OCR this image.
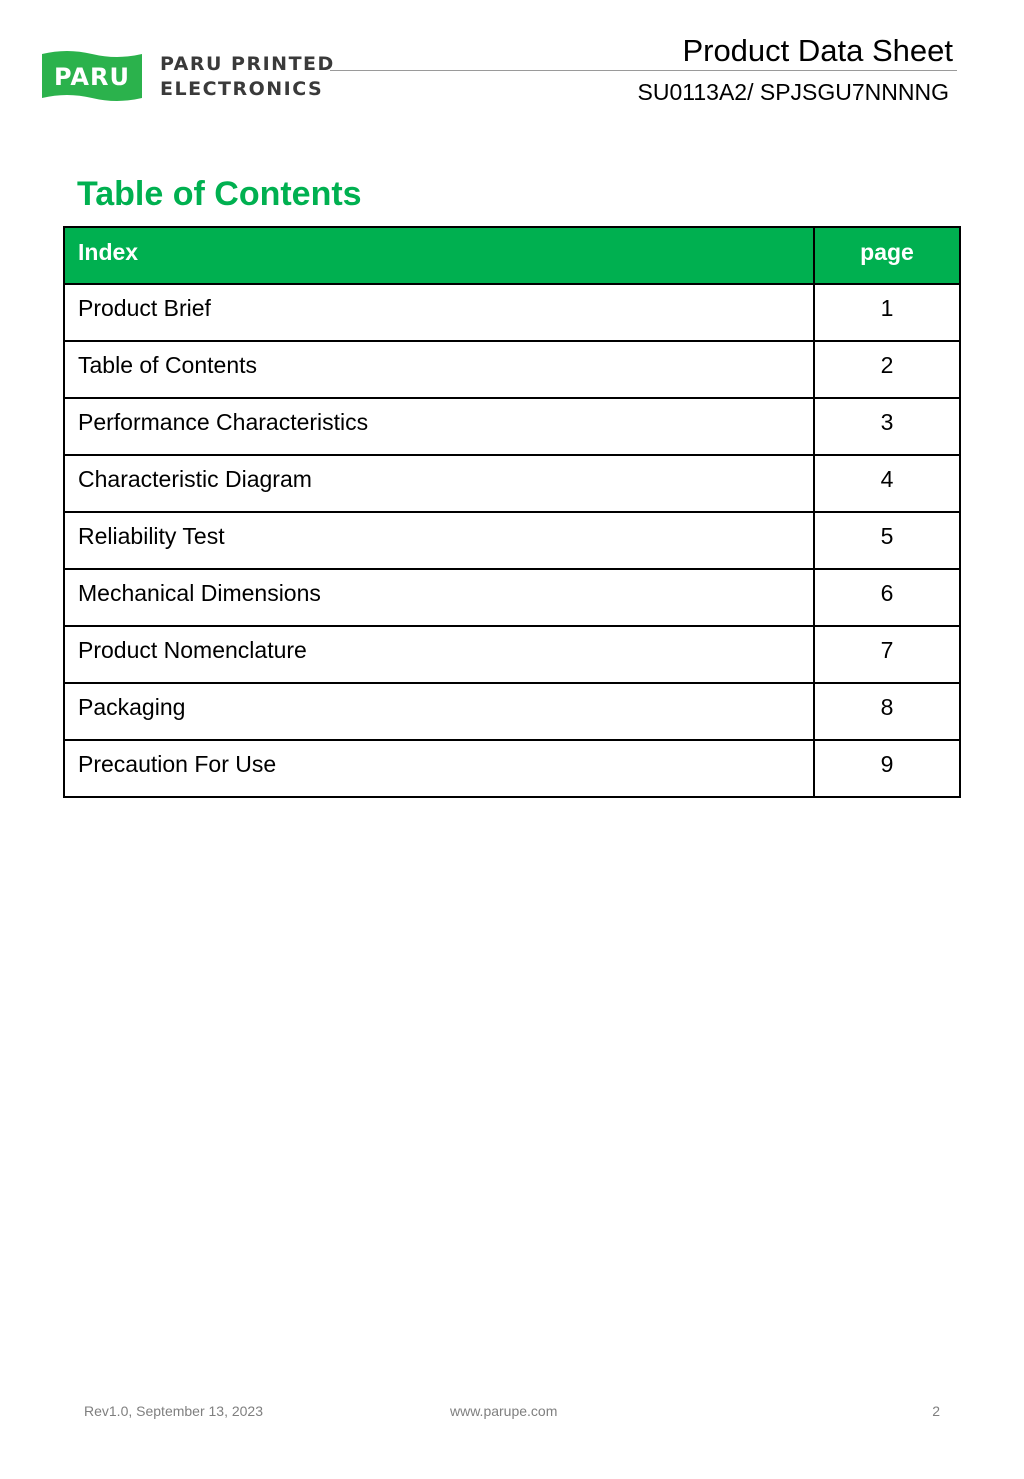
PARU PARU PRINTED
ELECTRONICS
Product Data Sheet
SU0113A2/ SPJSGU7NNNNG
Table of Contents
Index	page
Product Brief	1
Table of Contents	2
Performance Characteristics	3
Characteristic Diagram	4
Reliability Test	5
Mechanical Dimensions	6
Product Nomenclature	7
Packaging	8
Precaution For Use	9
Rev1.0, September 13, 2023	www.parupe.com	2
